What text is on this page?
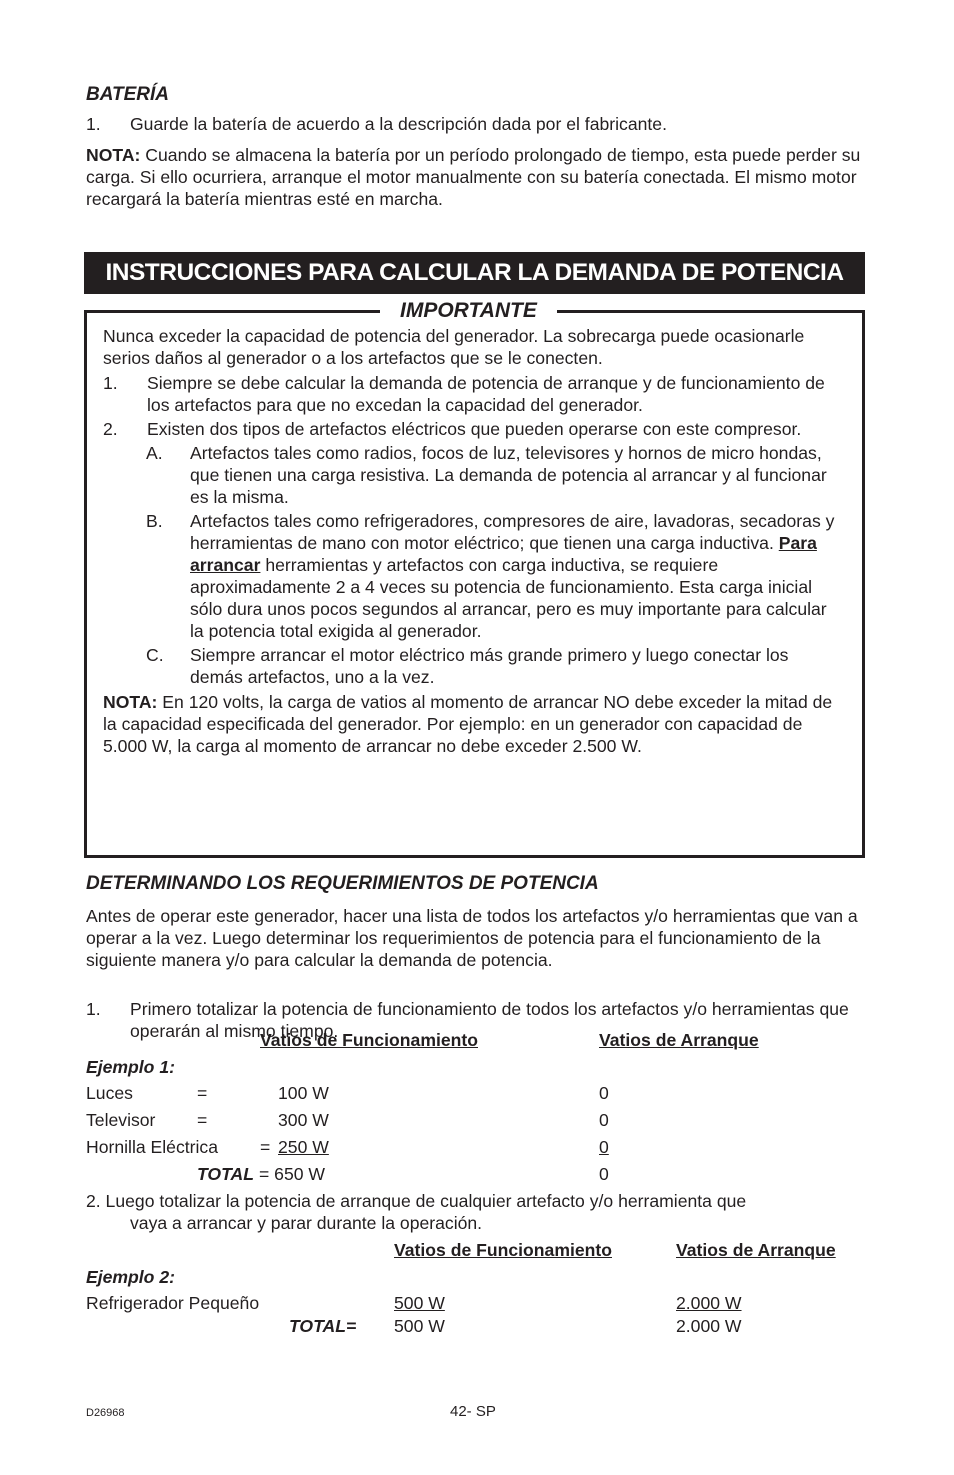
BATERÍA
1. Guarde la batería de acuerdo a la descripción dada por el fabricante.

NOTA: Cuando se almacena la batería por un período prolongado de tiempo, esta puede perder su carga. Si ello ocurriera, arranque el motor manualmente con su batería conectada. El mismo motor recargará la batería mientras esté en marcha.

INSTRUCCIONES PARA CALCULAR LA DEMANDA DE POTENCIA
IMPORTANTE

Nunca exceder la capacidad de potencia del generador. La sobrecarga puede ocasionarle serios daños al generador o a los artefactos que se le conecten.

1. Siempre se debe calcular la demanda de potencia de arranque y de funcionamiento de los artefactos para que no excedan la capacidad del generador.
2. Existen dos tipos de artefactos eléctricos que pueden operarse con este compresor.
A. Artefactos tales como radios, focos de luz, televisores y hornos de micro hondas, que tienen una carga resistiva. La demanda de potencia al arrancar y al funcionar es la misma.
B. Artefactos tales como refrigeradores, compresores de aire, lavadoras, secadoras y herramientas de mano con motor eléctrico; que tienen una carga inductiva. Para arrancar herramientas y artefactos con carga inductiva, se requiere aproximadamente 2 a 4 veces su potencia de funcionamiento. Esta carga inicial sólo dura unos pocos segundos al arrancar, pero es muy importante para calcular la potencia total exigida al generador.
C. Siempre arrancar el motor eléctrico más grande primero y luego conectar los demás artefactos, uno a la vez.

NOTA: En 120 volts, la carga de vatios al momento de arrancar NO debe exceder la mitad de la capacidad especificada del generador. Por ejemplo: en un generador con capacidad de 5.000 W, la carga al momento de arrancar no debe exceder 2.500 W.

DETERMINANDO LOS REQUERIMIENTOS DE POTENCIA

Antes de operar este generador, hacer una lista de todos los artefactos y/o herramientas que van a operar a la vez. Luego determinar los requerimientos de potencia para el funcionamiento de la siguiente manera y/o para calcular la demanda de potencia.

1. Primero totalizar la potencia de funcionamiento de todos los artefactos y/o herramientas que operarán al mismo tiempo.
Vatios de Funcionamiento	Vatios de Arranque
Ejemplo 1:
Luces	=	100 W	0
Televisor =	300 W	0
Hornilla Eléctrica = 250 W	0
TOTAL = 650 W	0
2. Luego totalizar la potencia de arranque de cualquier artefacto y/o herramienta que
vaya a arrancar y parar durante la operación.
Vatios de Funcionamiento	Vatios de Arranque
Ejemplo 2:
Refrigerador Pequeño	500 W	2.000 W
TOTAL= 500 W	2.000 W
D26968	42- SP
